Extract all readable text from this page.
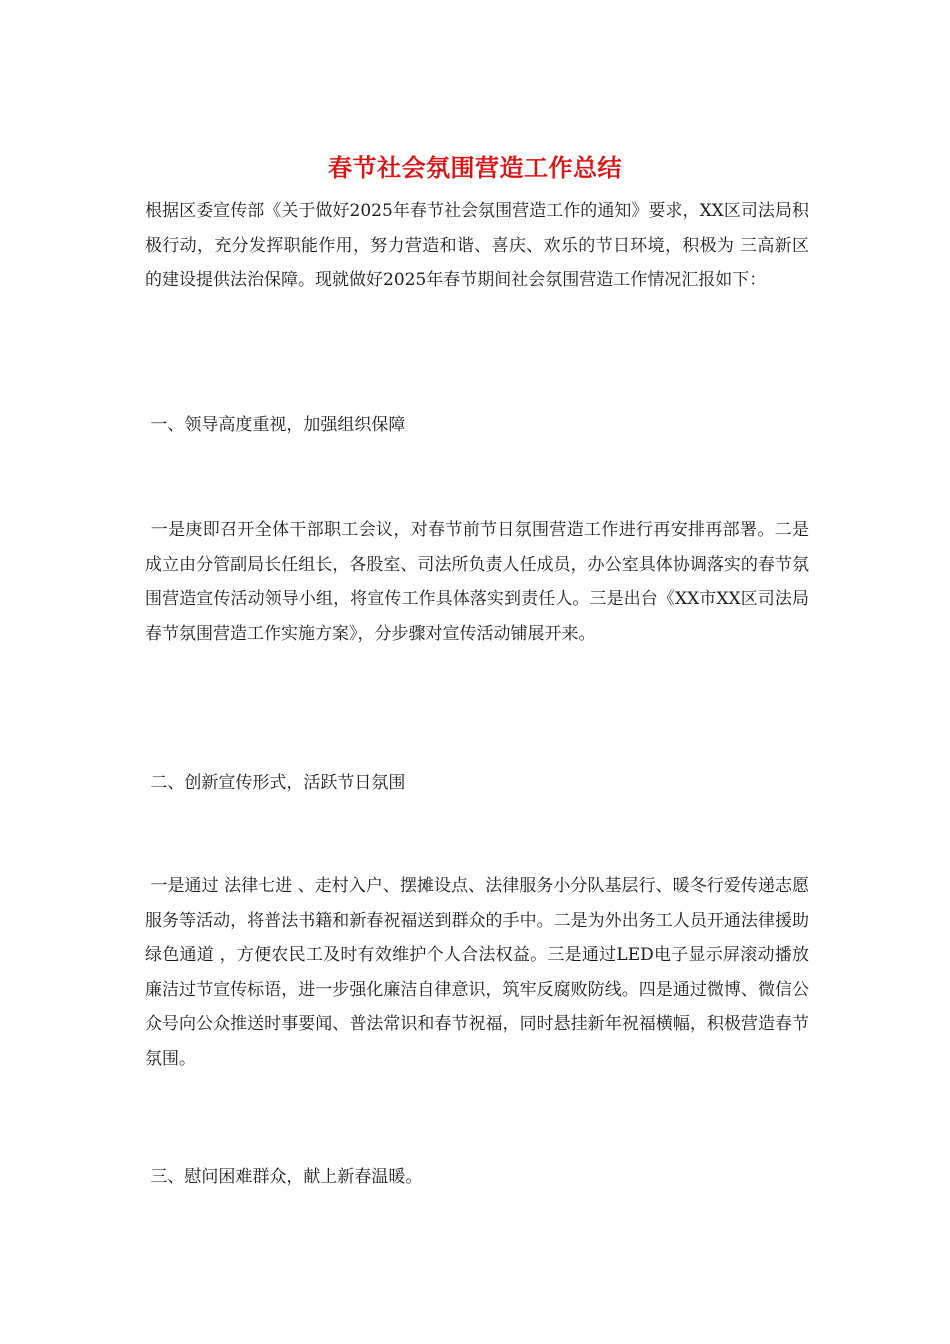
春节社会氛围营造工作总结
根据区委宣传部《关于做好2025年春节社会氛围营造工作的通知》要求，XX区司法局积极行动，充分发挥职能作用，努力营造和谐、喜庆、欢乐的节日环境，积极为 三高新区 的建设提供法治保障。现就做好2025年春节期间社会氛围营造工作情况汇报如下：
一、领导高度重视，加强组织保障
一是庚即召开全体干部职工会议，对春节前节日氛围营造工作进行再安排再部署。二是成立由分管副局长任组长，各股室、司法所负责人任成员，办公室具体协调落实的春节氛围营造宣传活动领导小组，将宣传工作具体落实到责任人。三是出台《XX市XX区司法局春节氛围营造工作实施方案》，分步骤对宣传活动铺展开来。
二、创新宣传形式，活跃节日氛围
一是通过 法律七进 、走村入户、摆摊设点、法律服务小分队基层行、暖冬行爱传递志愿服务等活动，将普法书籍和新春祝福送到群众的手中。二是为外出务工人员开通法律援助 绿色通道 ，方便农民工及时有效维护个人合法权益。三是通过LED电子显示屏滚动播放廉洁过节宣传标语，进一步强化廉洁自律意识，筑牢反腐败防线。四是通过微博、微信公众号向公众推送时事要闻、普法常识和春节祝福，同时悬挂新年祝福横幅，积极营造春节氛围。
三、慰问困难群众，献上新春温暖。
